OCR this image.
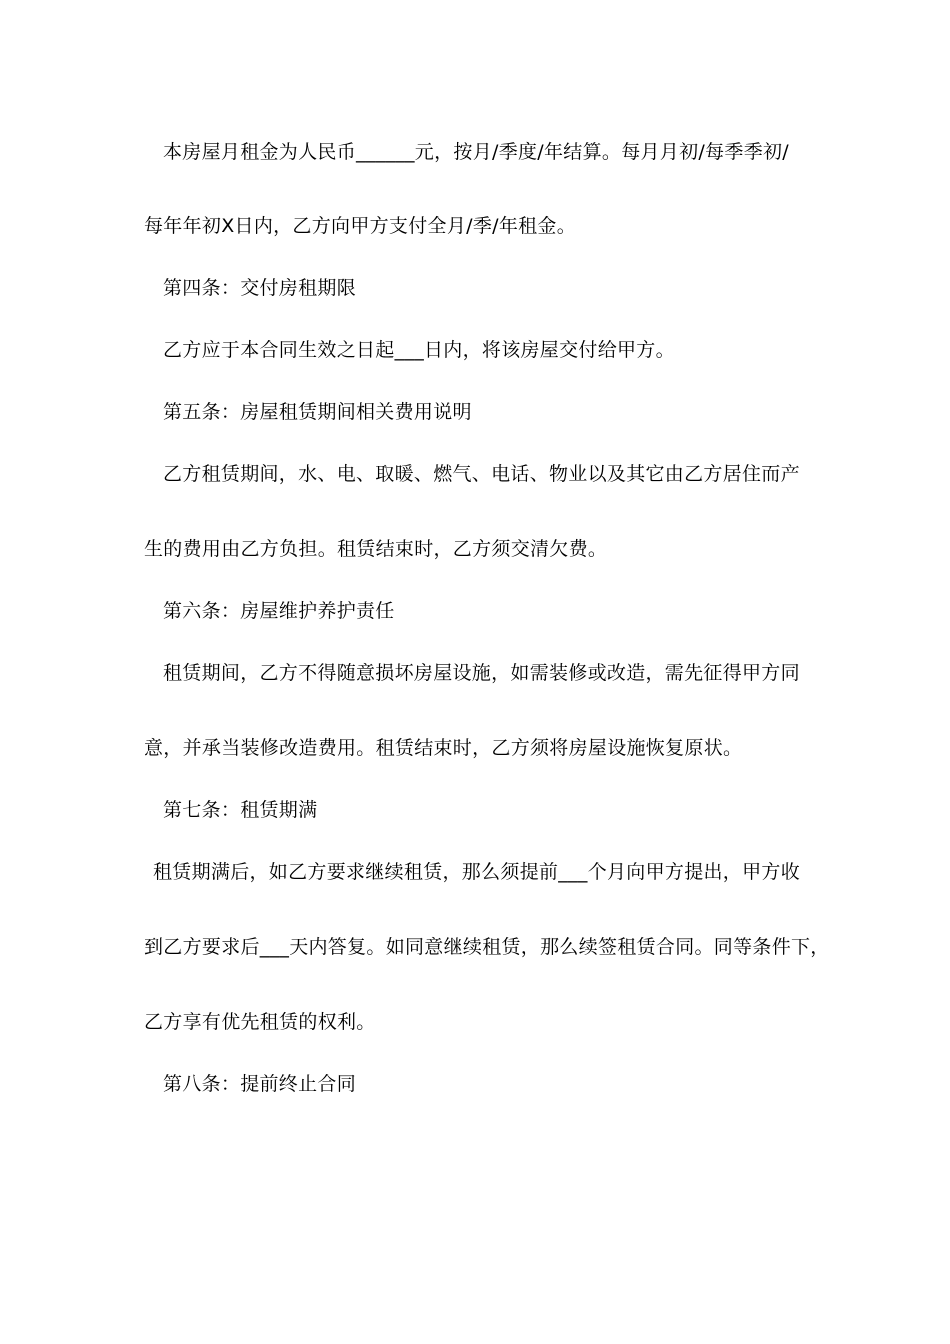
本房屋月租金为人民币______元，按月/季度/年结算。每月月初/每季季初/
每年年初X日内，乙方向甲方支付全月/季/年租金。
第四条：交付房租期限
乙方应于本合同生效之日起___日内，将该房屋交付给甲方。
第五条：房屋租赁期间相关费用说明
乙方租赁期间，水、电、取暖、燃气、电话、物业以及其它由乙方居住而产
生的费用由乙方负担。租赁结束时，乙方须交清欠费。
第六条：房屋维护养护责任
租赁期间，乙方不得随意损坏房屋设施，如需装修或改造，需先征得甲方同
意，并承当装修改造费用。租赁结束时，乙方须将房屋设施恢复原状。
第七条：租赁期满
租赁期满后，如乙方要求继续租赁，那么须提前___个月向甲方提出，甲方收
到乙方要求后___天内答复。如同意继续租赁，那么续签租赁合同。同等条件下，
乙方享有优先租赁的权利。
第八条：提前终止合同
